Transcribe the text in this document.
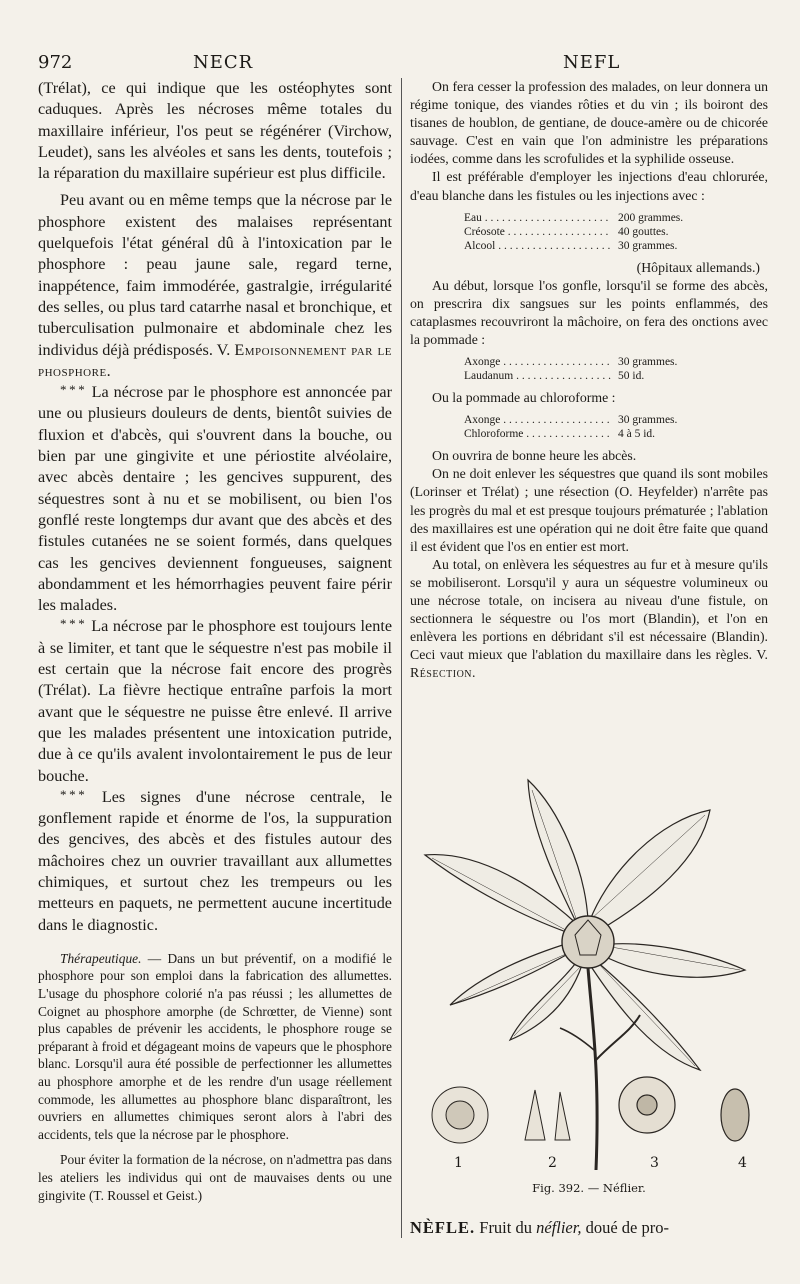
972	NECR	NEFL

(Trélat), ce qui indique que les ostéophytes sont caduques. Après les nécroses même totales du maxillaire inférieur, l'os peut se régénérer (Virchow, Leudet), sans les alvéoles et sans les dents, toutefois ; la réparation du maxillaire supérieur est plus difficile.

Peu avant ou en même temps que la nécrose par le phosphore existent des malaises représentant quelquefois l'état général dû à l'intoxication par le phosphore : peau jaune sale, regard terne, inappétence, faim immodérée, gastralgie, irrégularité des selles, ou plus tard catarrhe nasal et bronchique, et tuberculisation pulmonaire et abdominale chez les individus déjà prédisposés. V. Empoisonnement par le phosphore.

* * * La nécrose par le phosphore est annoncée par une ou plusieurs douleurs de dents, bientôt suivies de fluxion et d'abcès, qui s'ouvrent dans la bouche, ou bien par une gingivite et une périostite alvéolaire, avec abcès dentaire ; les gencives suppurent, des séquestres sont à nu et se mobilisent, ou bien l'os gonflé reste longtemps dur avant que des abcès et des fistules cutanées ne se soient formés, dans quelques cas les gencives deviennent fongueuses, saignent abondamment et les hémorrhagies peuvent faire périr les malades.

* * * La nécrose par le phosphore est toujours lente à se limiter, et tant que le séquestre n'est pas mobile il est certain que la nécrose fait encore des progrès (Trélat). La fièvre hectique entraîne parfois la mort avant que le séquestre ne puisse être enlevé. Il arrive que les malades présentent une intoxication putride, due à ce qu'ils avalent involontairement le pus de leur bouche.

* * * Les signes d'une nécrose centrale, le gonflement rapide et énorme de l'os, la suppuration des gencives, des abcès et des fistules autour des mâchoires chez un ouvrier travaillant aux allumettes chimiques, et surtout chez les trempeurs ou les metteurs en paquets, ne permettent aucune incertitude dans le diagnostic.

Thérapeutique. — Dans un but préventif, on a modifié le phosphore pour son emploi dans la fabrication des allumettes. L'usage du phosphore colorié n'a pas réussi ; les allumettes de Coignet au phosphore amorphe (de Schrœtter, de Vienne) sont plus capables de prévenir les accidents, le phosphore rouge se préparant à froid et dégageant moins de vapeurs que le phosphore blanc. Lorsqu'il aura été possible de perfectionner les allumettes au phosphore amorphe et de les rendre d'un usage réellement commode, les allumettes au phosphore blanc disparaîtront, les ouvriers en allumettes chimiques seront alors à l'abri des accidents, tels que la nécrose par le phosphore.

Pour éviter la formation de la nécrose, on n'admettra pas dans les ateliers les individus qui ont de mauvaises dents ou une gingivite (T. Roussel et Geist.)

On fera cesser la profession des malades, on leur donnera un régime tonique, des viandes rôties et du vin ; ils boiront des tisanes de houblon, de gentiane, de douce-amère ou de chicorée sauvage. C'est en vain que l'on administre les préparations iodées, comme dans les scrofulides et la syphilide osseuse.

Il est préférable d'employer les injections d'eau chlorurée, d'eau blanche dans les fistules ou les injections avec :

Eau . . .	200 grammes.
Créosote . . .	40 gouttes.
Alcool . . .	30 grammes.

(Hôpitaux allemands.)

Au début, lorsque l'os gonfle, lorsqu'il se forme des abcès, on prescrira dix sangsues sur les points enflammés, des cataplasmes recouvriront la mâchoire, on fera des onctions avec la pommade :

Axonge . . .	30 grammes.
Laudanum . . .	50 id.

Ou la pommade au chloroforme :

Axonge . . .	30 grammes.
Chloroforme . . .	4 à 5 id.

On ouvrira de bonne heure les abcès.

On ne doit enlever les séquestres que quand ils sont mobiles (Lorinser et Trélat) ; une résection (O. Heyfelder) n'arrête pas les progrès du mal et est presque toujours prématurée ; l'ablation des maxillaires est une opération qui ne doit être faite que quand il est évident que l'os en entier est mort.

Au total, on enlèvera les séquestres au fur et à mesure qu'ils se mobiliseront. Lorsqu'il y aura un séquestre volumineux ou une nécrose totale, on incisera au niveau d'une fistule, on sectionnera le séquestre ou l'os mort (Blandin), et l'on en enlèvera les portions en débridant s'il est nécessaire (Blandin). Ceci vaut mieux que l'ablation du maxillaire dans les règles. V. Résection.

1	2	3	4
Fig. 392. — Néflier.
NÈFLE. Fruit du néflier, doué de pro-
